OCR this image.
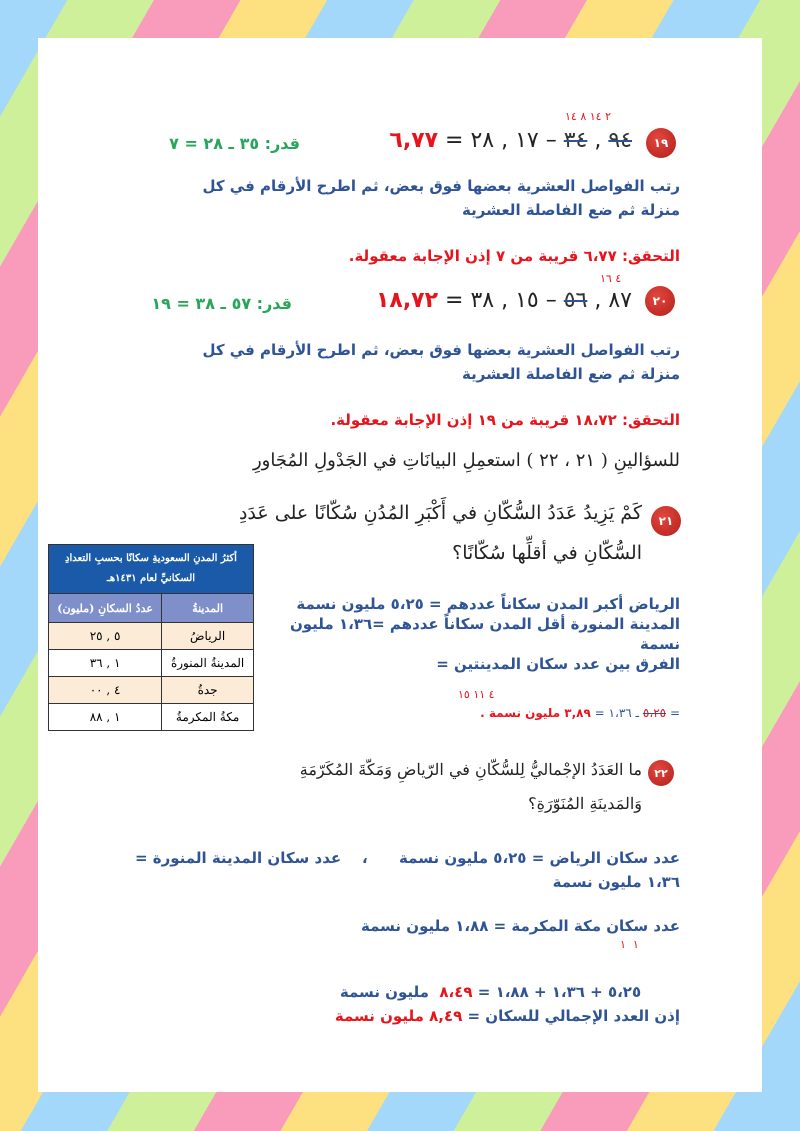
١٩
٢ ١٤ ٨ ١٤
٩٤ , ٣٤ – ١٧ , ٢٨ = ٦,٧٧
قدر: ٣٥ ـ ٢٨ = ٧
رتب الفواصل العشرية بعضها فوق بعض، ثم اطرح الأرقام في كل منزلة ثم ضع الفاصلة العشرية
التحقق: ٦،٧٧ قريبة من ٧ إذن الإجابة معقولة.
٢٠
٤ ١٦
٨٧ , ٥٦ – ١٥ , ٣٨ = ١٨,٧٢
قدر: ٥٧ ـ ٣٨ = ١٩
رتب الفواصل العشرية بعضها فوق بعض، ثم اطرح الأرقام في كل منزلة ثم ضع الفاصلة العشرية
التحقق: ١٨،٧٢ قريبة من ١٩ إذن الإجابة معقولة.
للسؤالينِ ( ٢١ ، ٢٢ ) استعمِلِ البيانَاتِ في الجَدْولِ المُجَاورِ
٢١
كَمْ يَزِيدُ عَدَدُ السُّكّانِ في أَكْبَرِ المُدُنِ سُكّانًا على عَدَدِ
السُّكّانِ في أقلِّها سُكّانًا؟
الرياض أكبر المدن سكاناً عددهم = ٥،٢٥ مليون نسمة
المدينة المنورة أقل المدن سكاناً عددهم =١،٣٦ مليون نسمة
الفرق بين عدد سكان المدينتين =
٤ ١١ ١٥
= ٥،٢٥ ـ ١،٣٦ = ٣,٨٩ مليون نسمة .
أكثرُ المدنِ السعوديةِ سكانًا بحسبِ التعدادِ السكانيِّ لعام ١٤٣١هـ	
المدينةُ	عددُ السكانِ (مليون)
الرياضُ	٥ , ٢٥
المدينةُ المنورةُ	١ , ٣٦
جدةُ	٤ , ٠٠
مكةُ المكرمةُ	١ , ٨٨
٢٢
ما العَدَدُ الإجْماليُّ لِلسُّكّانِ في الرّياضِ وَمَكّةَ المُكَرّمَةِ
وَالمَدينَةِ المُنَوّرَةِ؟
عدد سكان الرياض = ٥،٢٥ مليون نسمة      ،    عدد سكان المدينة المنورة =
١،٣٦ مليون نسمة
عدد سكان مكة المكرمة = ١،٨٨ مليون نسمة
١  ١

٥،٢٥ + ١،٣٦ + ١،٨٨ = ٨،٤٩  مليون نسمة

إذن العدد الإجمالي للسكان = ٨,٤٩ مليون نسمة
